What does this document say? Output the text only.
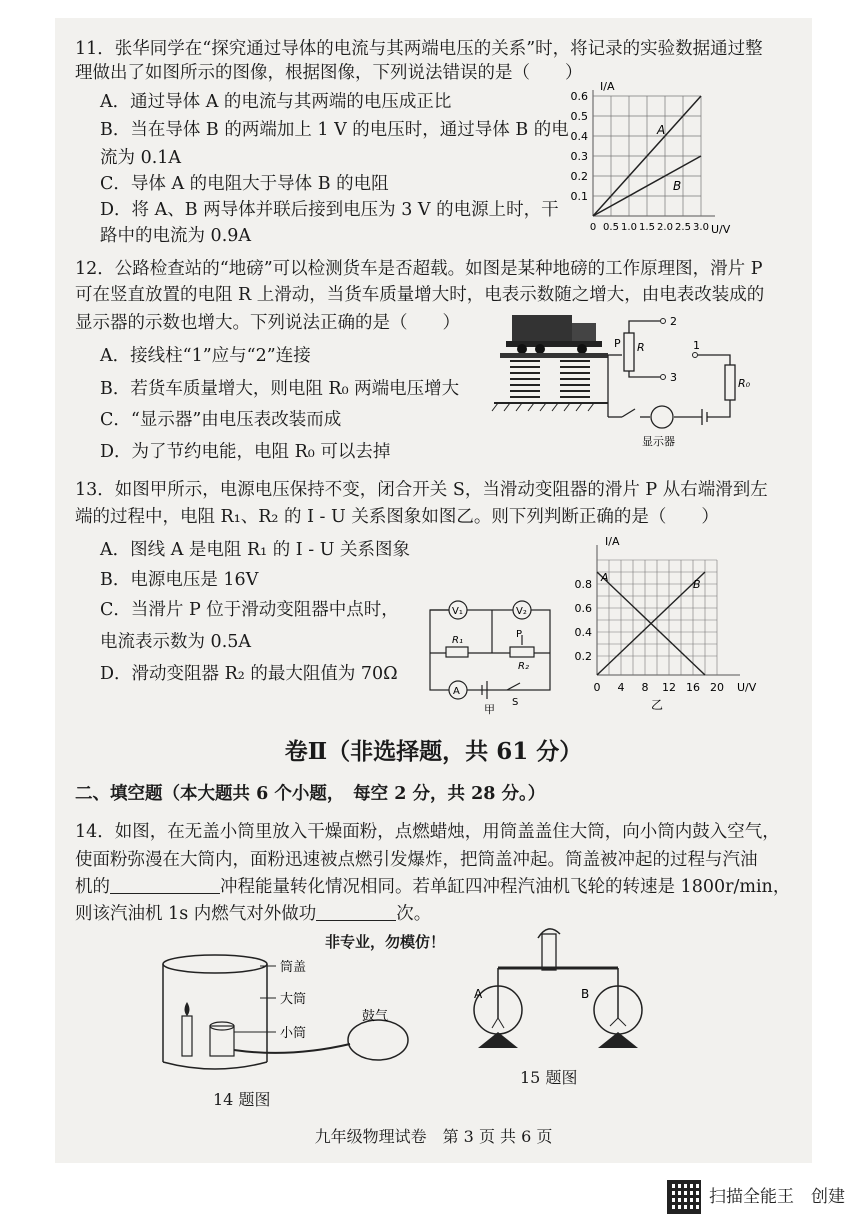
11．张华同学在“探究通过导体的电流与其两端电压的关系”时，将记录的实验数据通过整
理做出了如图所示的图像，根据图像，下列说法错误的是（　　）
A．通过导体 A 的电流与其两端的电压成正比
B．当在导体 B 的两端加上 1 V 的电压时，通过导体 B 的电
流为 0.1A
C．导体 A 的电阻大于导体 B 的电阻
D．将 A、B 两导体并联后接到电压为 3 V 的电源上时，干
路中的电流为 0.9A
I/A
U/V
0.6
0.5
0.4
0.3
0.2
0.1
0 0.5 1.0 1.5 2.0 2.5 3.0
A
B
12．公路检查站的“地磅”可以检测货车是否超载。如图是某种地磅的工作原理图，滑片 P
可在竖直放置的电阻 R 上滑动，当货车质量增大时，电表示数随之增大，由电表改装成的
显示器的示数也增大。下列说法正确的是（　　）
A．接线柱“1”应与“2”连接
B．若货车质量增大，则电阻 R₀ 两端电压增大
C．“显示器”由电压表改装而成
D．为了节约电能，电阻 R₀ 可以去掉
P R
2
3
1
R₀
显示器
13．如图甲所示，电源电压保持不变，闭合开关 S，当滑动变阻器的滑片 P 从右端滑到左
端的过程中，电阻 R₁、R₂ 的 I - U 关系图象如图乙。则下列判断正确的是（　　）
A．图线 A 是电阻 R₁ 的 I - U 关系图象
B．电源电压是 16V
C．当滑片 P 位于滑动变阻器中点时，
电流表示数为 0.5A
D．滑动变阻器 R₂ 的最大阻值为 70Ω
V₁	V₂
A
R₁
P
R₂
S
甲
I/A
U/V
0.8
0.6
0.4
0.2
0 4 8 12 16 20
A
B
乙
卷Ⅱ（非选择题，共 61 分）
二、填空题（本大题共 6 个小题，　每空 2 分，共 28 分。）
14．如图，在无盖小筒里放入干燥面粉，点燃蜡烛，用筒盖盖住大筒，向小筒内鼓入空气，
使面粉弥漫在大筒内，面粉迅速被点燃引发爆炸，把筒盖冲起。筒盖被冲起的过程与汽油
机的	冲程能量转化情况相同。若单缸四冲程汽油机飞轮的转速是 1800r/min，
则该汽油机 1s 内燃气对外做功	次。
非专业，勿模仿！
筒盖
大筒
小筒
鼓气
14 题图
A	B
15 题图
九年级物理试卷　第 3 页 共 6 页
扫描全能王　创建
